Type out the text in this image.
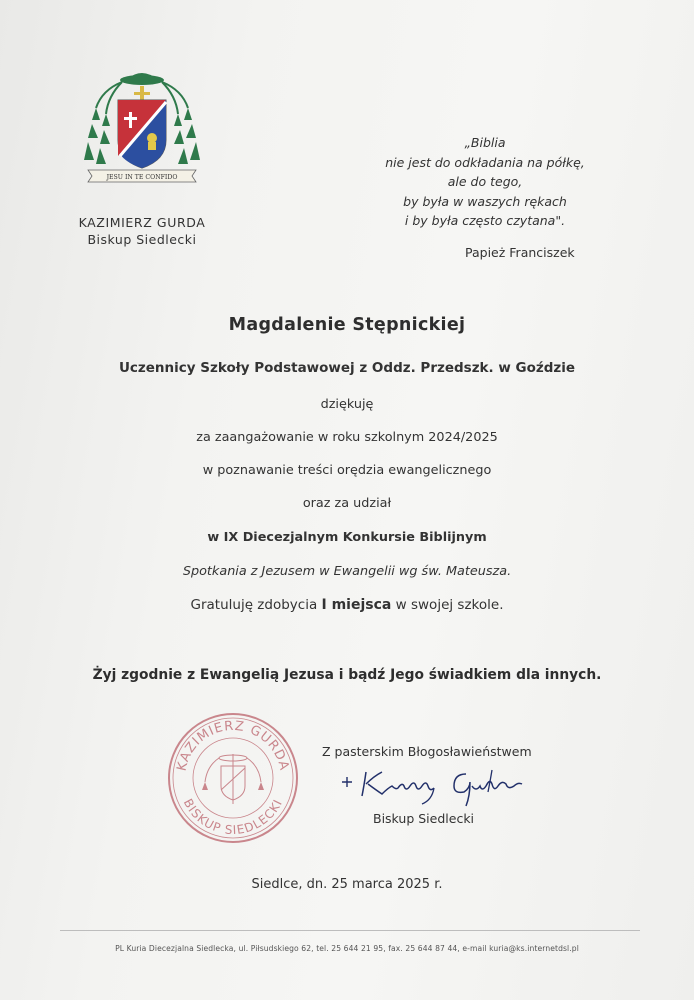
JESU IN TE CONFIDO
KAZIMIERZ GURDA
Biskup Siedlecki
„Biblia
nie jest do odkładania na półkę,
ale do tego,
by była w waszych rękach
i by była często czytana".
Papież Franciszek
Magdalenie Stępnickiej
Uczennicy Szkoły Podstawowej z Oddz. Przedszk. w Goździe
dziękuję
za zaangażowanie w roku szkolnym 2024/2025
w poznawanie treści orędzia ewangelicznego
oraz za udział
w IX Diecezjalnym Konkursie Biblijnym
Spotkania z Jezusem w Ewangelii wg św. Mateusza.
Gratuluję zdobycia I miejsca w swojej szkole.
Żyj zgodnie z Ewangelią Jezusa i bądź Jego świadkiem dla innych.
KAZIMIERZ GURDA
BISKUP SIEDLECKI
Z pasterskim Błogosławieństwem
Biskup Siedlecki
Siedlce, dn. 25 marca 2025 r.
PL Kuria Diecezjalna Siedlecka, ul. Piłsudskiego 62, tel. 25 644 21 95, fax. 25 644 87 44, e-mail kuria@ks.internetdsl.pl
